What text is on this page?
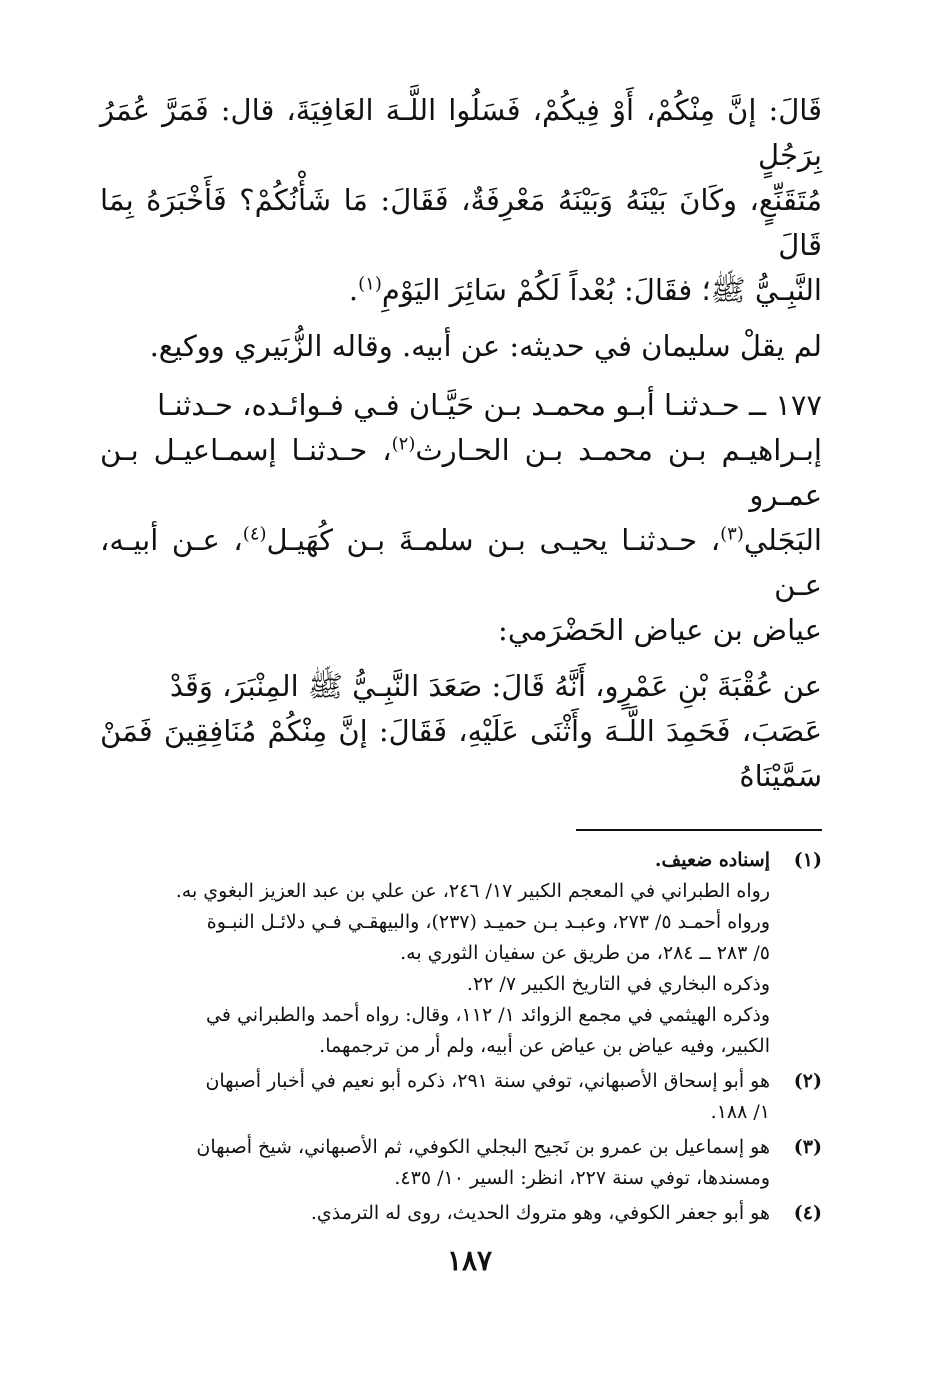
قَالَ: إنَّ مِنْكُمْ، أَوْ فِيكُمْ، فَسَلُوا اللَّـهَ العَافِيَةَ، قال: فَمَرَّ عُمَرُ بِرَجُلٍ

مُتَقَنِّعٍ، وكَانَ بَيْنَهُ وَبَيْنَهُ مَعْرِفَةٌ، فَقَالَ: مَا شَأْنُكُمْ؟ فَأَخْبَرَهُ بِمَا قَالَ

النَّبِـيُّ ﷺ؛ فقَالَ: بُعْداً لَكُمْ سَائِرَ اليَوْمِ$^{(١)}$.

لم يقلْ سليمان في حديثه: عن أبيه. وقاله الزُّبَيري ووكيع.

١٧٧ ــ حـدثنـا أبـو محمـد بـن حَيَّـان فـي فـوائـده، حـدثنـا

إبـراهيـم بـن محمـد بـن الحـارث$^{(٢)}$، حـدثنـا إسمـاعيـل بـن عمـرو

البَجَلي$^{(٣)}$، حـدثنـا يحيـى بـن سلمـةَ بـن كُهَيـل$^{(٤)}$، عـن أبيـه، عـن

عياض بن عياض الحَضْرَمي:

عن عُقْبَةَ بْنِ عَمْرٍو، أَنَّهُ قَالَ: صَعَدَ النَّبِـيُّ ﷺ المِنْبَرَ، وَقَدْ

عَصَبَ، فَحَمِدَ اللَّـهَ وأَثْنَى عَلَيْهِ، فَقَالَ: إنَّ مِنْكُمْ مُنَافِقِينَ فَمَنْ سَمَّيْنَاهُ

(١)
إسناده ضعيف.
رواه الطبراني في المعجم الكبير ١٧/ ٢٤٦، عن علي بن عبد العزيز البغوي به.
ورواه أحمـد ٥/ ٢٧٣، وعبـد بـن حميـد (٢٣٧)، والبيهقـي فـي دلائـل النبـوة
٥/ ٢٨٣ ــ ٢٨٤، من طريق عن سفيان الثوري به.
وذكره البخاري في التاريخ الكبير ٧/ ٢٢.
وذكره الهيثمي في مجمع الزوائد ١/ ١١٢، وقال: رواه أحمد والطبراني في
الكبير، وفيه عياض بن عياض عن أبيه، ولم أر من ترجمهما.
(٢)
هو أبو إسحاق الأصبهاني، توفي سنة ٢٩١، ذكره أبو نعيم في أخبار أصبهان
١/ ١٨٨.
(٣)
هو إسماعيل بن عمرو بن نَجيح البجلي الكوفي، ثم الأصبهاني، شيخ أصبهان
ومسندها، توفي سنة ٢٢٧، انظر: السير ١٠/ ٤٣٥.
(٤)
هو أبو جعفر الكوفي، وهو متروك الحديث، روى له الترمذي.
١٨٧
